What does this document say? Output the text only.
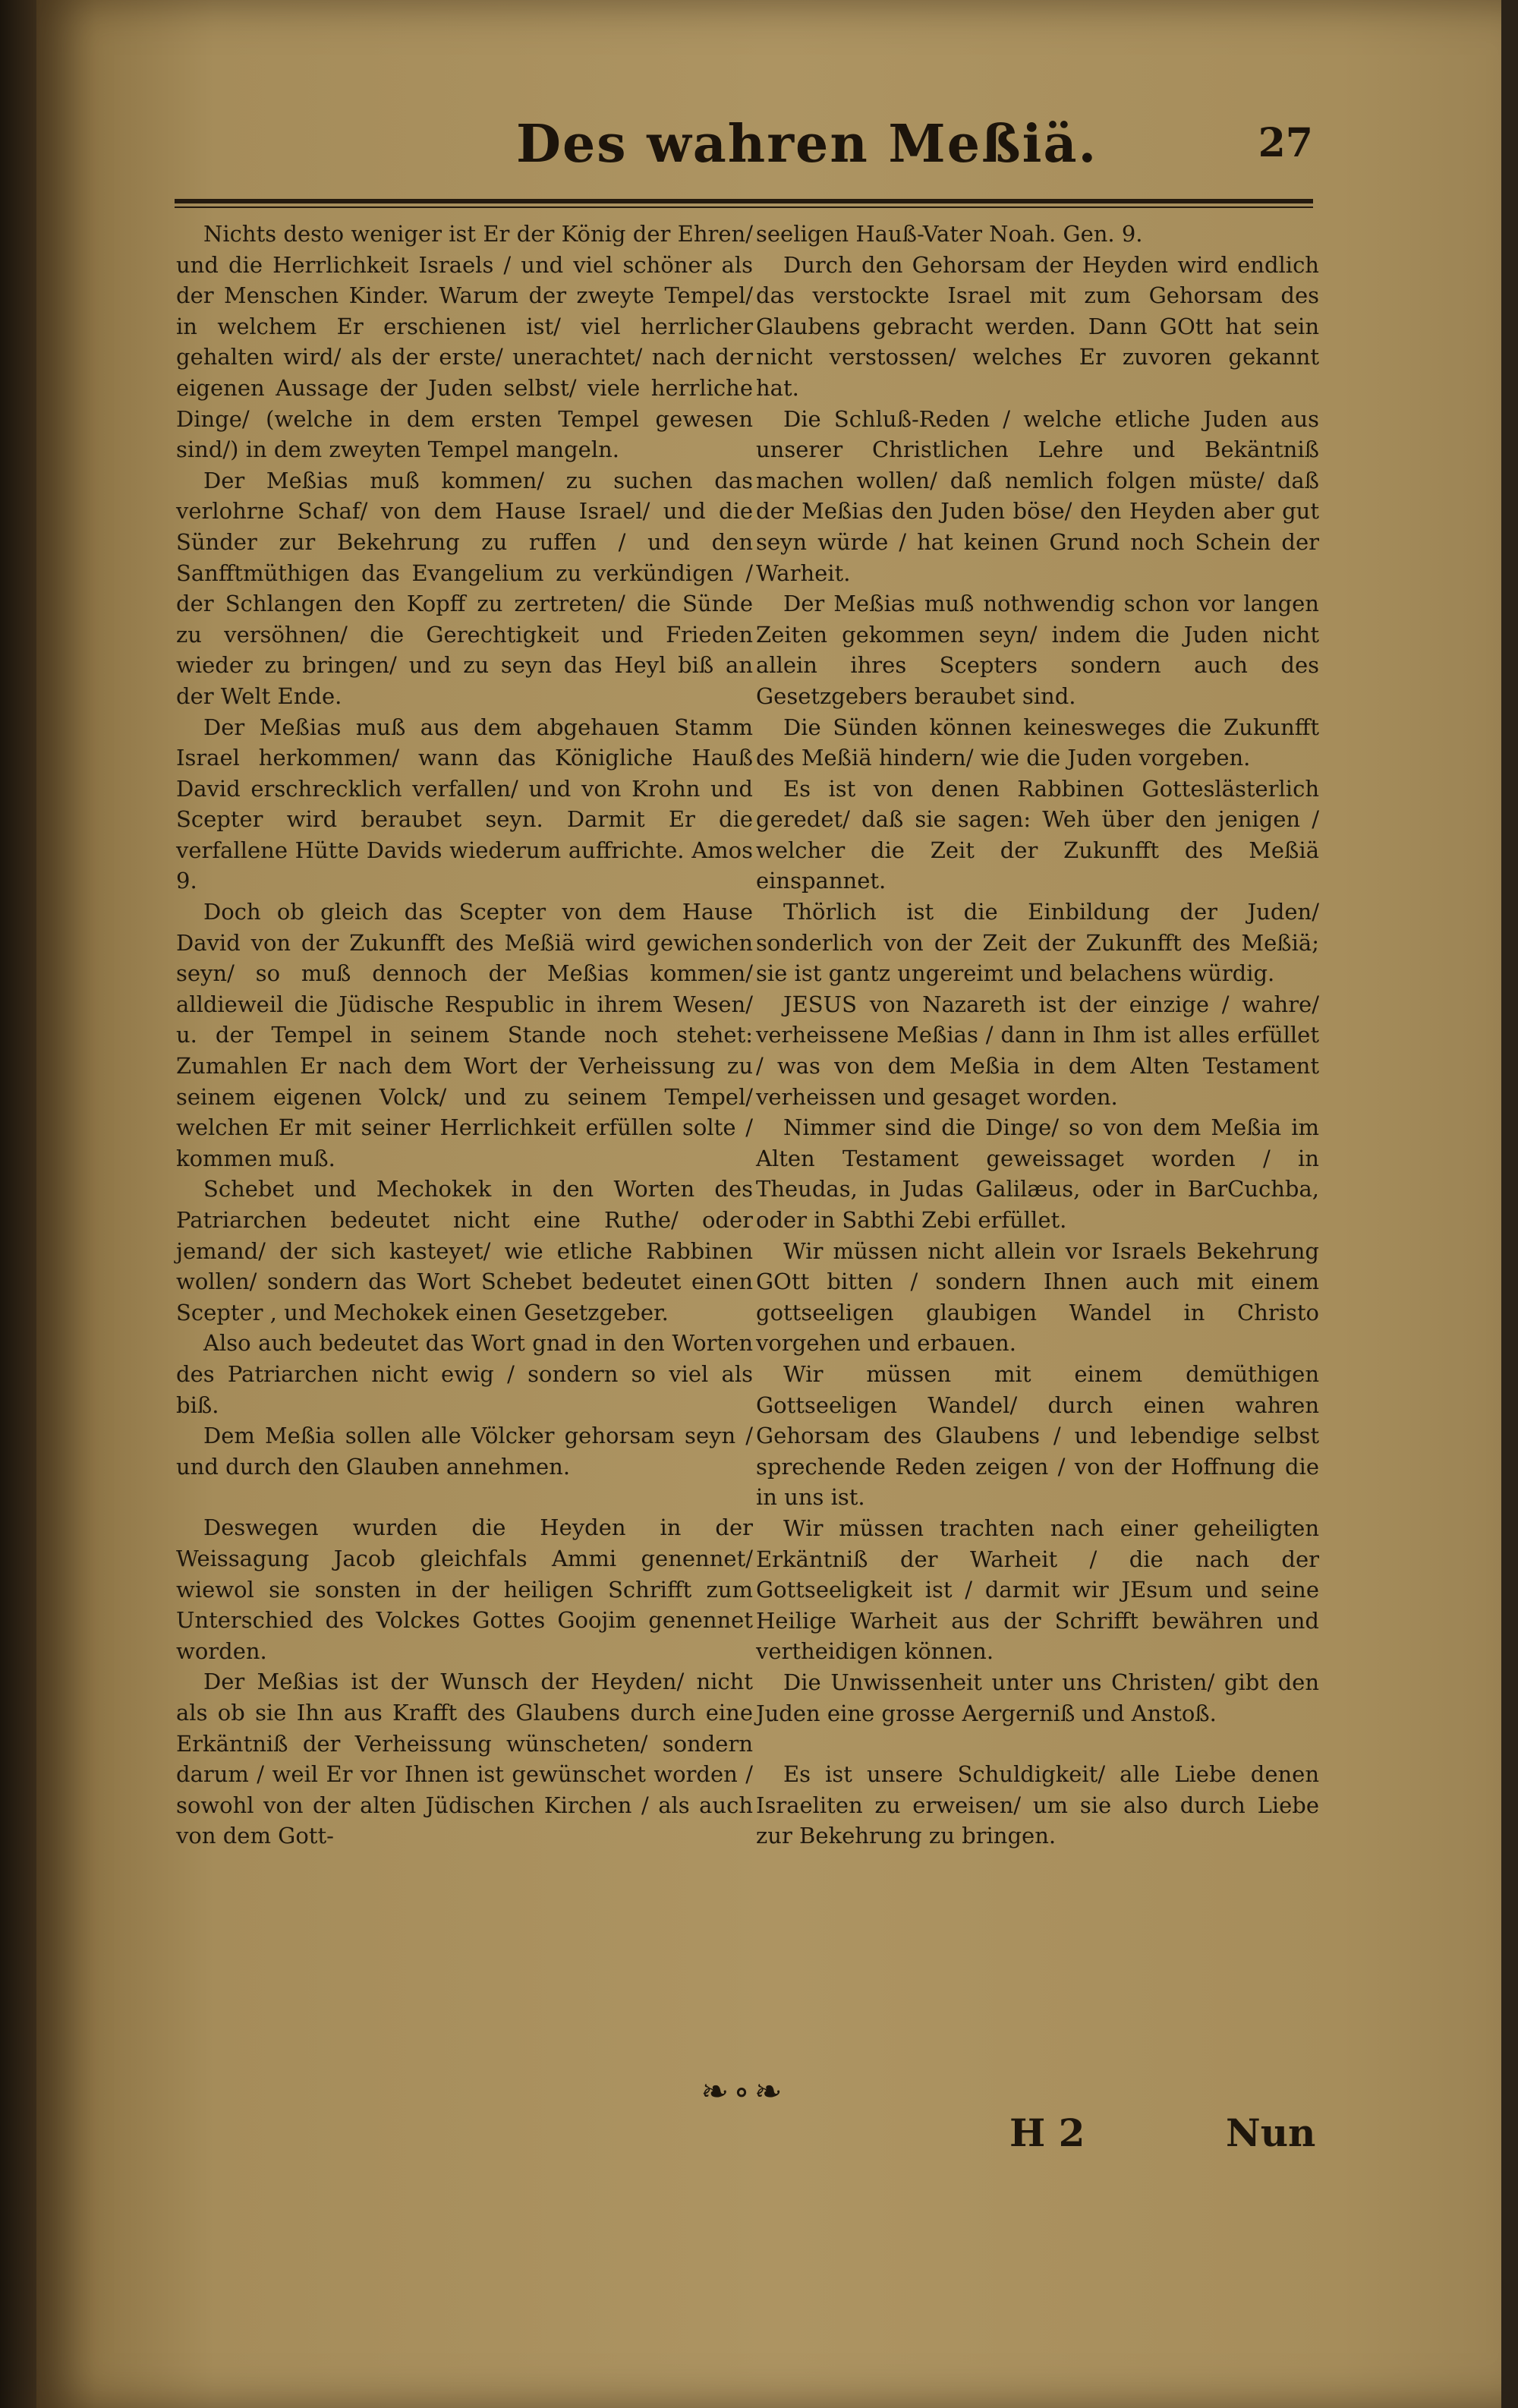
Des wahren Meßiä.	27

Nichts desto weniger ist Er der König der Ehren/ und die Herrlichkeit Israels / und viel schöner als der Menschen Kinder. Warum der zweyte Tempel/ in welchem Er erschienen ist/ viel herrlicher gehalten wird/ als der erste/ unerachtet/ nach der eigenen Aussage der Juden selbst/ viele herrliche Dinge/ (welche in dem ersten Tempel gewesen sind/) in dem zweyten Tempel mangeln.

Der Meßias muß kommen/ zu suchen das verlohrne Schaf/ von dem Hause Israel/ und die Sünder zur Bekehrung zu ruffen / und den Sanfftmüthigen das Evangelium zu verkündigen / der Schlangen den Kopff zu zertreten/ die Sünde zu versöhnen/ die Gerechtigkeit und Frieden wieder zu bringen/ und zu seyn das Heyl biß an der Welt Ende.

Der Meßias muß aus dem abgehauen Stamm Israel herkommen/ wann das Königliche Hauß David erschrecklich verfallen/ und von Krohn und Scepter wird beraubet seyn. Darmit Er die verfallene Hütte Davids wiederum auffrichte. Amos 9.

Doch ob gleich das Scepter von dem Hause David von der Zukunfft des Meßiä wird gewichen seyn/ so muß dennoch der Meßias kommen/ alldieweil die Jüdische Respublic in ihrem Wesen/ u. der Tempel in seinem Stande noch stehet: Zumahlen Er nach dem Wort der Verheissung zu seinem eigenen Volck/ und zu seinem Tempel/ welchen Er mit seiner Herrlichkeit erfüllen solte / kommen muß.

Schebet und Mechokek in den Worten des Patriarchen bedeutet nicht eine Ruthe/ oder jemand/ der sich kasteyet/ wie etliche Rabbinen wollen/ sondern das Wort Schebet bedeutet einen Scepter , und Mechokek einen Gesetzgeber.

Also auch bedeutet das Wort gnad in den Worten des Patriarchen nicht ewig / sondern so viel als biß.

Dem Meßia sollen alle Völcker gehorsam seyn / und durch den Glauben annehmen.

Deswegen wurden die Heyden in der Weissagung Jacob gleichfals Ammi genennet/ wiewol sie sonsten in der heiligen Schrifft zum Unterschied des Volckes Gottes Goojim genennet worden.

Der Meßias ist der Wunsch der Heyden/ nicht als ob sie Ihn aus Krafft des Glaubens durch eine Erkäntniß der Verheissung wünscheten/ sondern darum / weil Er vor Ihnen ist gewünschet worden / sowohl von der alten Jüdischen Kirchen / als auch von dem Gott-

seeligen Hauß-Vater Noah. Gen. 9.

Durch den Gehorsam der Heyden wird endlich das verstockte Israel mit zum Gehorsam des Glaubens gebracht werden. Dann GOtt hat sein nicht verstossen/ welches Er zuvoren gekannt hat.

Die Schluß-Reden / welche etliche Juden aus unserer Christlichen Lehre und Bekäntniß machen wollen/ daß nemlich folgen müste/ daß der Meßias den Juden böse/ den Heyden aber gut seyn würde / hat keinen Grund noch Schein der Warheit.

Der Meßias muß nothwendig schon vor langen Zeiten gekommen seyn/ indem die Juden nicht allein ihres Scepters sondern auch des Gesetzgebers beraubet sind.

Die Sünden können keinesweges die Zukunfft des Meßiä hindern/ wie die Juden vorgeben.

Es ist von denen Rabbinen Gotteslästerlich geredet/ daß sie sagen: Weh über den jenigen / welcher die Zeit der Zukunfft des Meßiä einspannet.

Thörlich ist die Einbildung der Juden/ sonderlich von der Zeit der Zukunfft des Meßiä; sie ist gantz ungereimt und belachens würdig.

JESUS von Nazareth ist der einzige / wahre/ verheissene Meßias / dann in Ihm ist alles erfüllet / was von dem Meßia in dem Alten Testament verheissen und gesaget worden.

Nimmer sind die Dinge/ so von dem Meßia im Alten Testament geweissaget worden / in Theudas, in Judas Galilæus, oder in BarCuchba, oder in Sabthi Zebi erfüllet.

Wir müssen nicht allein vor Israels Bekehrung GOtt bitten / sondern Ihnen auch mit einem gottseeligen glaubigen Wandel in Christo vorgehen und erbauen.

Wir müssen mit einem demüthigen Gottseeligen Wandel/ durch einen wahren Gehorsam des Glaubens / und lebendige selbst sprechende Reden zeigen / von der Hoffnung die in uns ist.

Wir müssen trachten nach einer geheiligten Erkäntniß der Warheit / die nach der Gottseeligkeit ist / darmit wir JEsum und seine Heilige Warheit aus der Schrifft bewähren und vertheidigen können.

Die Unwissenheit unter uns Christen/ gibt den Juden eine grosse Aergerniß und Anstoß.

Es ist unsere Schuldigkeit/ alle Liebe denen Israeliten zu erweisen/ um sie also durch Liebe zur Bekehrung zu bringen.

❧∘❧
H 2	Nun
